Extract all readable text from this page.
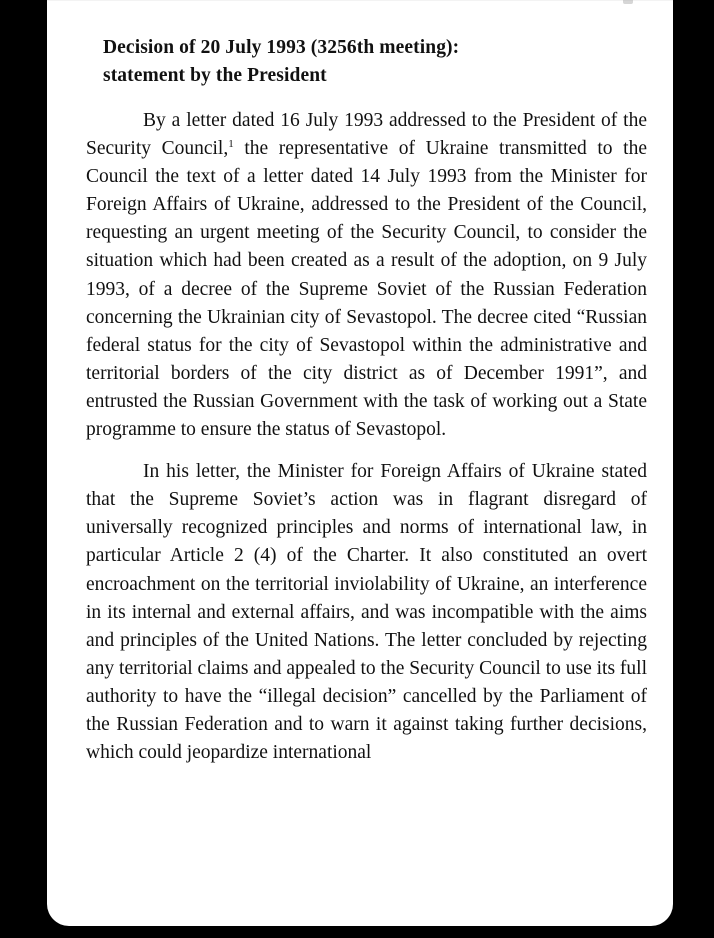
Decision of 20 July 1993 (3256th meeting):
statement by the President

By a letter dated 16 July 1993 addressed to the President of the Security Council,$^1$ the representative of Ukraine transmitted to the Council the text of a letter dated 14 July 1993 from the Minister for Foreign Affairs of Ukraine, addressed to the President of the Council, requesting an urgent meeting of the Security Council, to consider the situation which had been created as a result of the adoption, on 9 July 1993, of a decree of the Supreme Soviet of the Russian Federation concerning the Ukrainian city of Sevastopol. The decree cited “Russian federal status for the city of Sevastopol within the administrative and territorial borders of the city district as of December 1991”, and entrusted the Russian Government with the task of working out a State programme to ensure the status of Sevastopol.

In his letter, the Minister for Foreign Affairs of Ukraine stated that the Supreme Soviet’s action was in flagrant disregard of universally recognized principles and norms of international law, in particular Article 2 (4) of the Charter. It also constituted an overt encroachment on the territorial inviolability of Ukraine, an interference in its internal and external affairs, and was incompatible with the aims and principles of the United Nations. The letter concluded by rejecting any territorial claims and appealed to the Security Council to use its full authority to have the “illegal decision” cancelled by the Parliament of the Russian Federation and to warn it against taking further decisions, which could jeopardize international
